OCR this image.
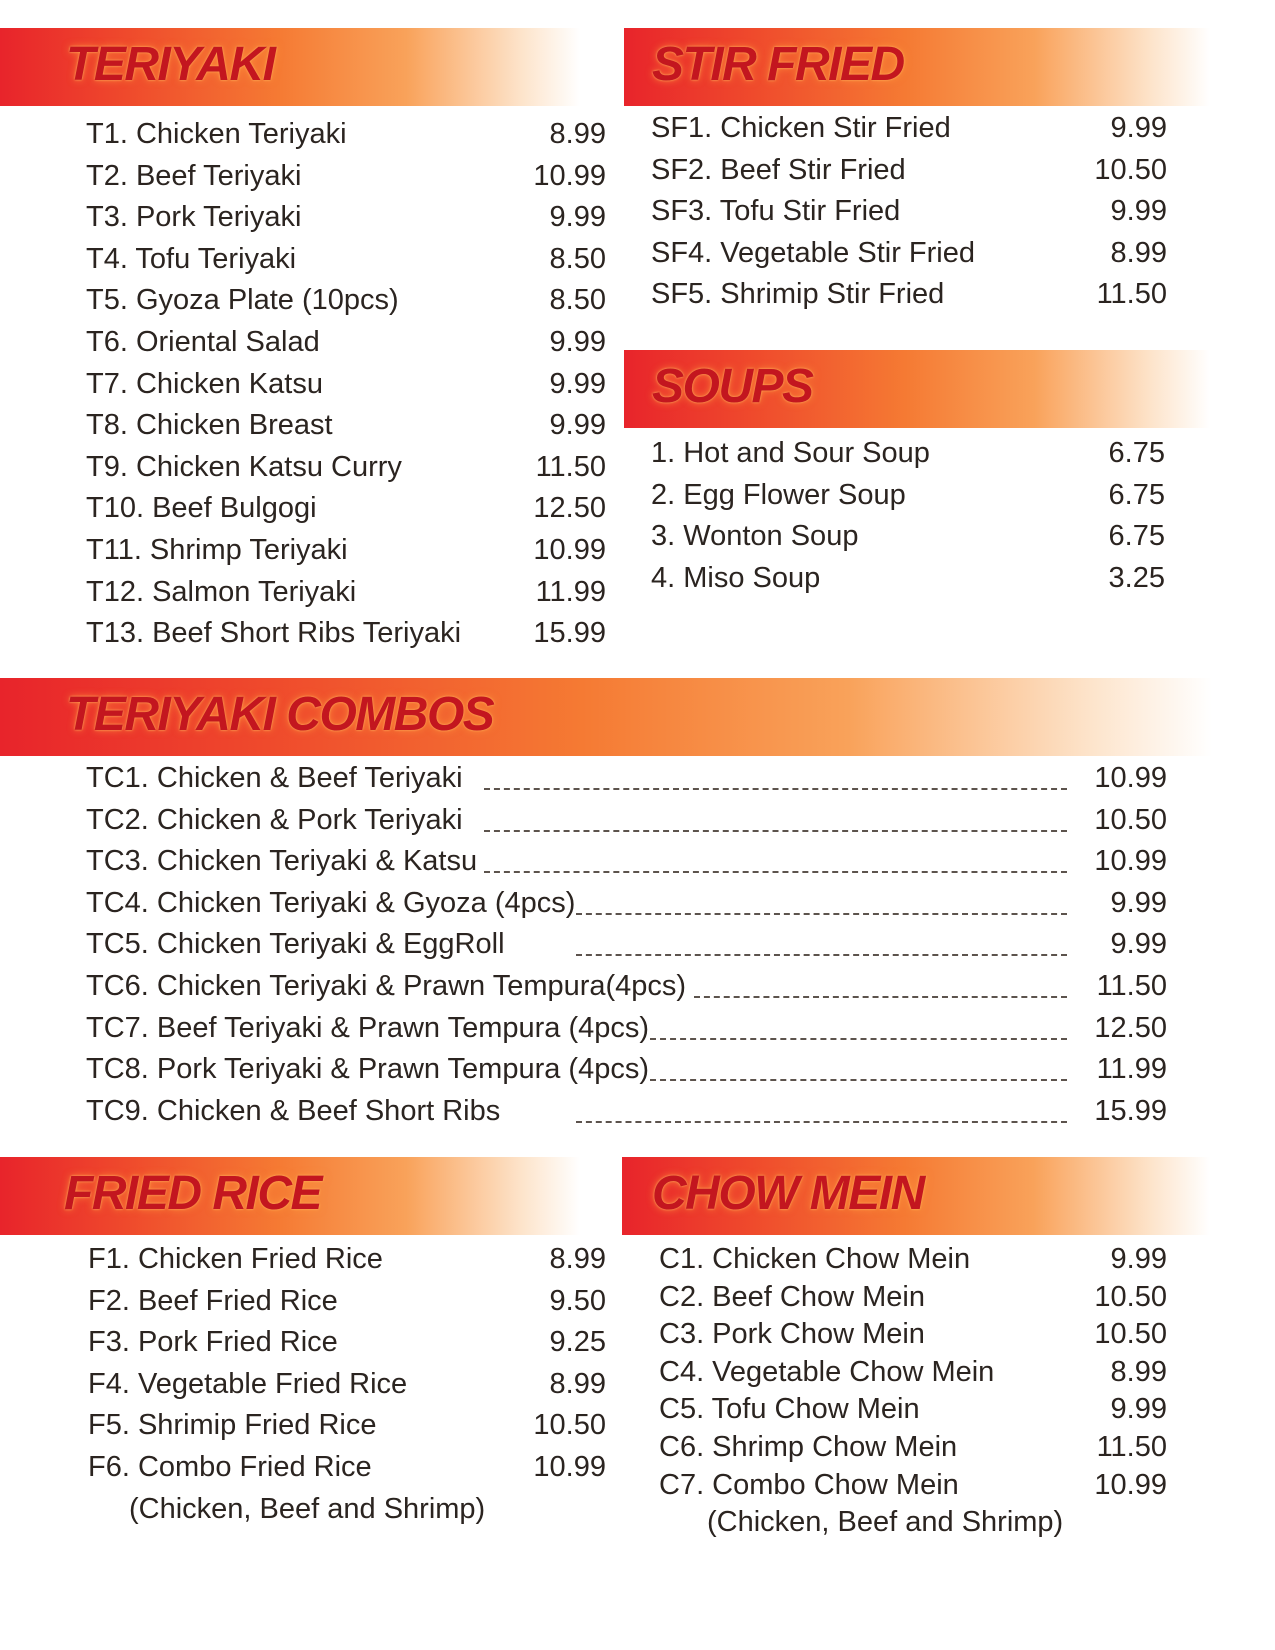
TERIYAKI
T1. Chicken Teriyaki	8.99
T2. Beef Teriyaki	10.99
T3. Pork Teriyaki	9.99
T4. Tofu Teriyaki	8.50
T5. Gyoza Plate (10pcs)	8.50
T6. Oriental Salad	9.99
T7. Chicken Katsu	9.99
T8. Chicken Breast	9.99
T9. Chicken Katsu Curry	11.50
T10. Beef Bulgogi	12.50
T11. Shrimp Teriyaki	10.99
T12. Salmon Teriyaki	11.99
T13. Beef Short Ribs Teriyaki 15.99
STIR FRIED
SF1. Chicken Stir Fried	9.99
SF2. Beef Stir Fried	10.50
SF3. Tofu Stir Fried	9.99
SF4. Vegetable Stir Fried	8.99
SF5. Shrimip Stir Fried	11.50
SOUPS
1. Hot and Sour Soup	6.75
2. Egg Flower Soup	6.75
3. Wonton Soup	6.75
4. Miso Soup	3.25
TERIYAKI COMBOS
TC1. Chicken & Beef Teriyaki	10.99
TC2. Chicken & Pork Teriyaki	10.50
TC3. Chicken Teriyaki & Katsu	10.99
TC4. Chicken Teriyaki & Gyoza (4pcs)	9.99
TC5. Chicken Teriyaki & EggRoll	9.99
TC6. Chicken Teriyaki & Prawn Tempura(4pcs)	11.50
TC7. Beef Teriyaki & Prawn Tempura (4pcs)	12.50
TC8. Pork Teriyaki & Prawn Tempura (4pcs)	11.99
TC9. Chicken & Beef Short Ribs	15.99
FRIED RICE
F1. Chicken Fried Rice	8.99
F2. Beef Fried Rice	9.50
F3. Pork Fried Rice	9.25
F4. Vegetable Fried Rice	8.99
F5. Shrimip Fried Rice	10.50
F6. Combo Fried Rice	10.99
(Chicken, Beef and Shrimp)
CHOW MEIN
C1. Chicken Chow Mein	9.99
C2. Beef Chow Mein	10.50
C3. Pork Chow Mein	10.50
C4. Vegetable Chow Mein	8.99
C5. Tofu Chow Mein	9.99
C6. Shrimp Chow Mein	11.50
C7. Combo Chow Mein	10.99
(Chicken, Beef and Shrimp)
